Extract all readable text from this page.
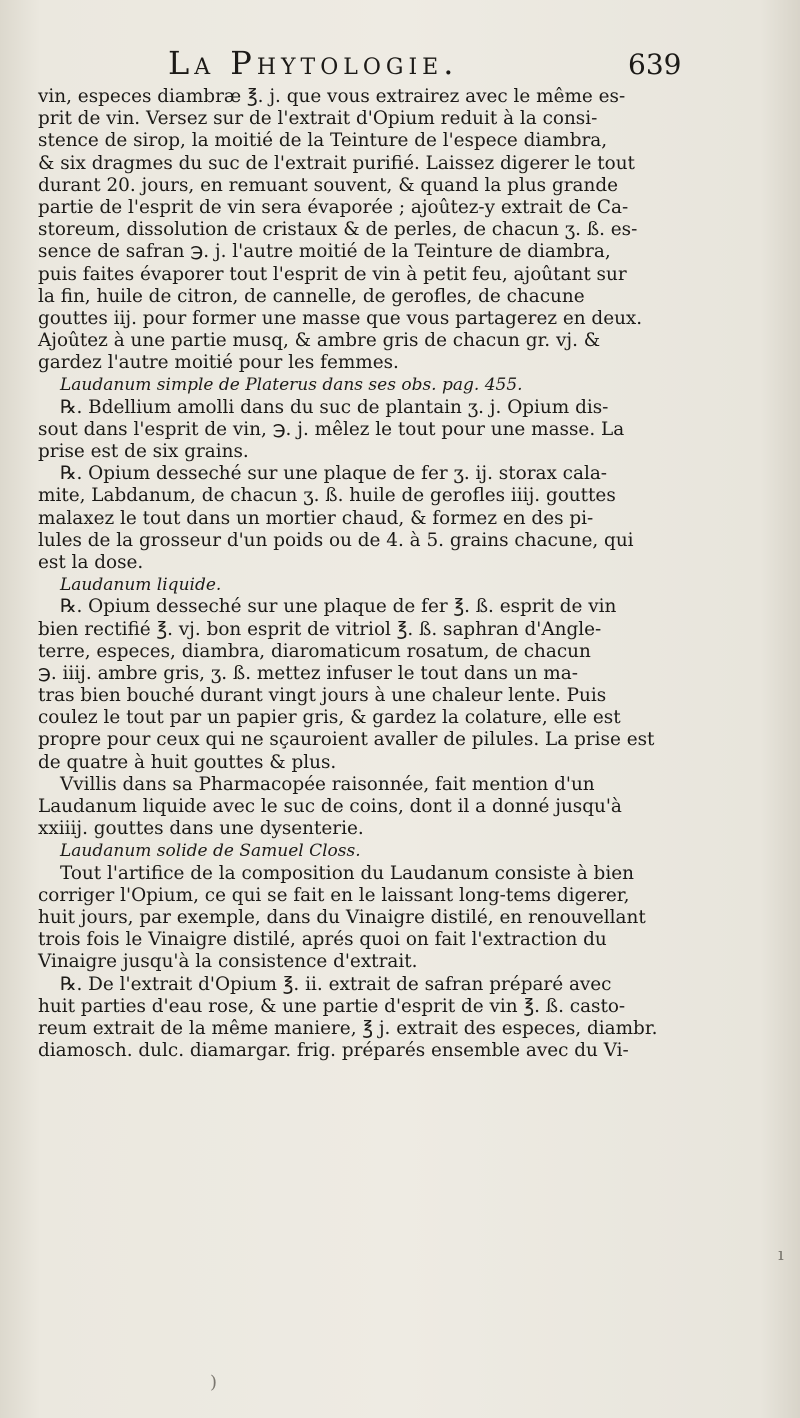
La Phytologie.	639
vin, especes diambræ ℥. j. que vous extrairez avec le même es-
prit de vin. Versez sur de l'extrait d'Opium reduit à la consi-
stence de sirop, la moitié de la Teinture de l'espece diambra,
& six dragmes du suc de l'extrait purifié. Laissez digerer le tout
durant 20. jours, en remuant souvent, & quand la plus grande
partie de l'esprit de vin sera évaporée ; ajoûtez-y extrait de Ca-
storeum, dissolution de cristaux & de perles, de chacun ʒ. ß. es-
sence de safran ℈. j. l'autre moitié de la Teinture de diambra,
puis faites évaporer tout l'esprit de vin à petit feu, ajoûtant sur
la fin, huile de citron, de cannelle, de gerofles, de chacune
gouttes iij. pour former une masse que vous partagerez en deux.
Ajoûtez à une partie musq, & ambre gris de chacun gr. vj. &
gardez l'autre moitié pour les femmes.
Laudanum simple de Platerus dans ses obs. pag. 455.
℞. Bdellium amolli dans du suc de plantain ʒ. j. Opium dis-
sout dans l'esprit de vin, ℈. j. mêlez le tout pour une masse. La
prise est de six grains.
℞. Opium desseché sur une plaque de fer ʒ. ij. storax cala-
mite, Labdanum, de chacun ʒ. ß. huile de gerofles iiij. gouttes
malaxez le tout dans un mortier chaud, & formez en des pi-
lules de la grosseur d'un poids ou de 4. à 5. grains chacune, qui
est la dose.
Laudanum liquide.
℞. Opium desseché sur une plaque de fer ℥. ß. esprit de vin
bien rectifié ℥. vj. bon esprit de vitriol ℥. ß. saphran d'Angle-
terre, especes, diambra, diaromaticum rosatum, de chacun
℈. iiij. ambre gris, ʒ. ß. mettez infuser le tout dans un ma-
tras bien bouché durant vingt jours à une chaleur lente. Puis
coulez le tout par un papier gris, & gardez la colature, elle est
propre pour ceux qui ne sçauroient avaller de pilules. La prise est
de quatre à huit gouttes & plus.
Vvillis dans sa Pharmacopée raisonnée, fait mention d'un
Laudanum liquide avec le suc de coins, dont il a donné jusqu'à
xxiiij. gouttes dans une dysenterie.
Laudanum solide de Samuel Closs.
Tout l'artifice de la composition du Laudanum consiste à bien
corriger l'Opium, ce qui se fait en le laissant long-tems digerer,
huit jours, par exemple, dans du Vinaigre distilé, en renouvellant
trois fois le Vinaigre distilé, aprés quoi on fait l'extraction du
Vinaigre jusqu'à la consistence d'extrait.
℞. De l'extrait d'Opium ℥. ii. extrait de safran préparé avec
huit parties d'eau rose, & une partie d'esprit de vin ℥. ß. casto-
reum extrait de la même maniere, ℥ j. extrait des especes, diambr.
diamosch. dulc. diamargar. frig. préparés ensemble avec du Vi-
ı
)
